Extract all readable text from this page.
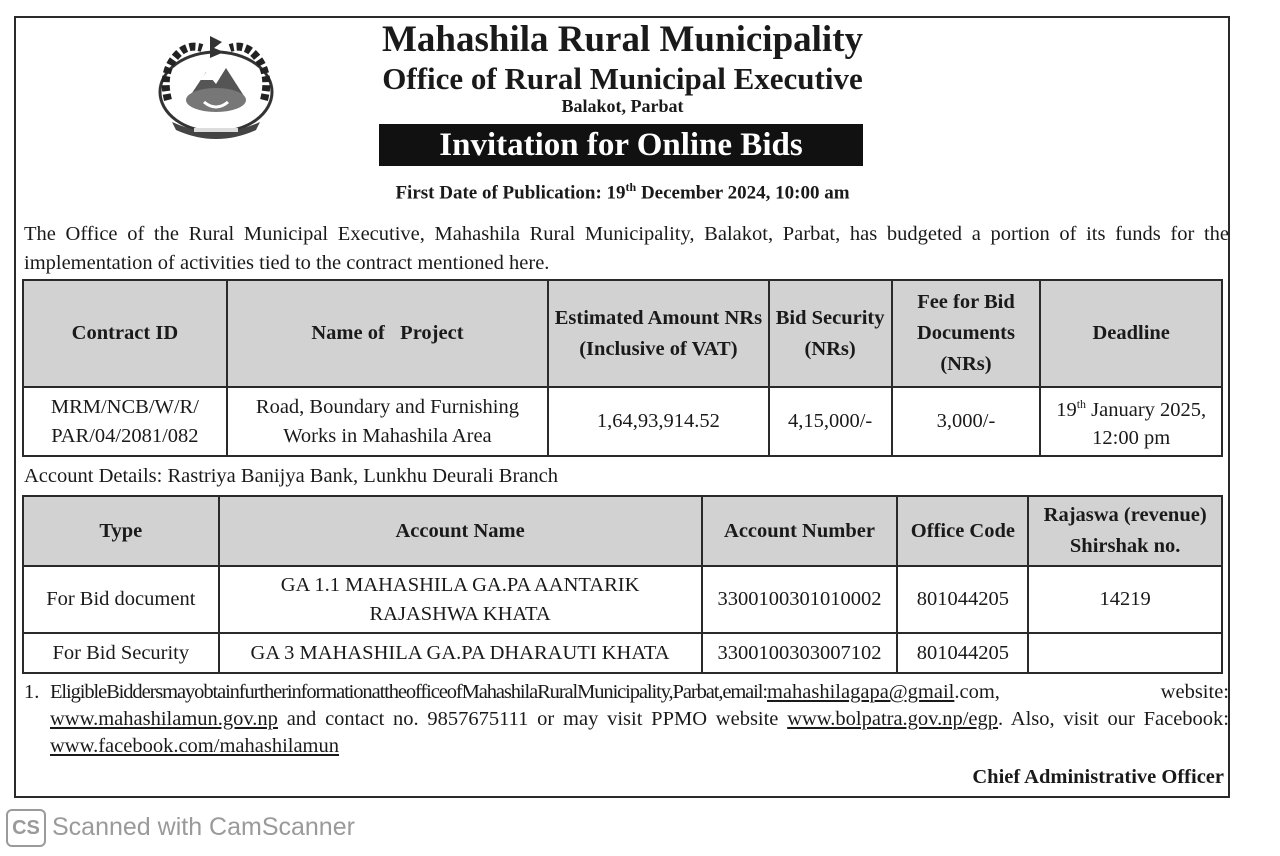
Mahashila Rural Municipality
Office of Rural Municipal Executive
Balakot, Parbat
Invitation for Online Bids
First Date of Publication: 19th December 2024, 10:00 am
The Office of the Rural Municipal Executive, Mahashila Rural Municipality, Balakot, Parbat, has budgeted a portion of its funds for the implementation of activities tied to the contract mentioned here.
Contract ID	Name of   Project	Estimated Amount NRs (Inclusive of VAT)	Bid Security (NRs)	Fee for Bid Documents (NRs)	Deadline
MRM/NCB/W/R/ PAR/04/2081/082	Road, Boundary and Furnishing Works in Mahashila Area	1,64,93,914.52	4,15,000/-	3,000/-	19th January 2025, 12:00 pm
Account Details: Rastriya Banijya Bank, Lunkhu Deurali Branch
Type	Account Name	Account Number	Office Code	Rajaswa (revenue) Shirshak no.
For Bid document	GA 1.1 MAHASHILA GA.PA AANTARIK RAJASHWA KHATA	3300100301010002	801044205	14219
For Bid Security	GA 3 MAHASHILA GA.PA DHARAUTI KHATA	3300100303007102	801044205	
1. EligibleBiddersmayobtainfurtherinformationattheofficeofMahashilaRuralMunicipality,Parbat,email:mahashilagapa@gmail.com,	website: www.mahashilamun.gov.np and contact no. 9857675111 or may visit PPMO website www.bolpatra.gov.np/egp. Also, visit our Facebook:  www.facebook.com/mahashilamun
Chief Administrative Officer
CS Scanned with CamScanner
